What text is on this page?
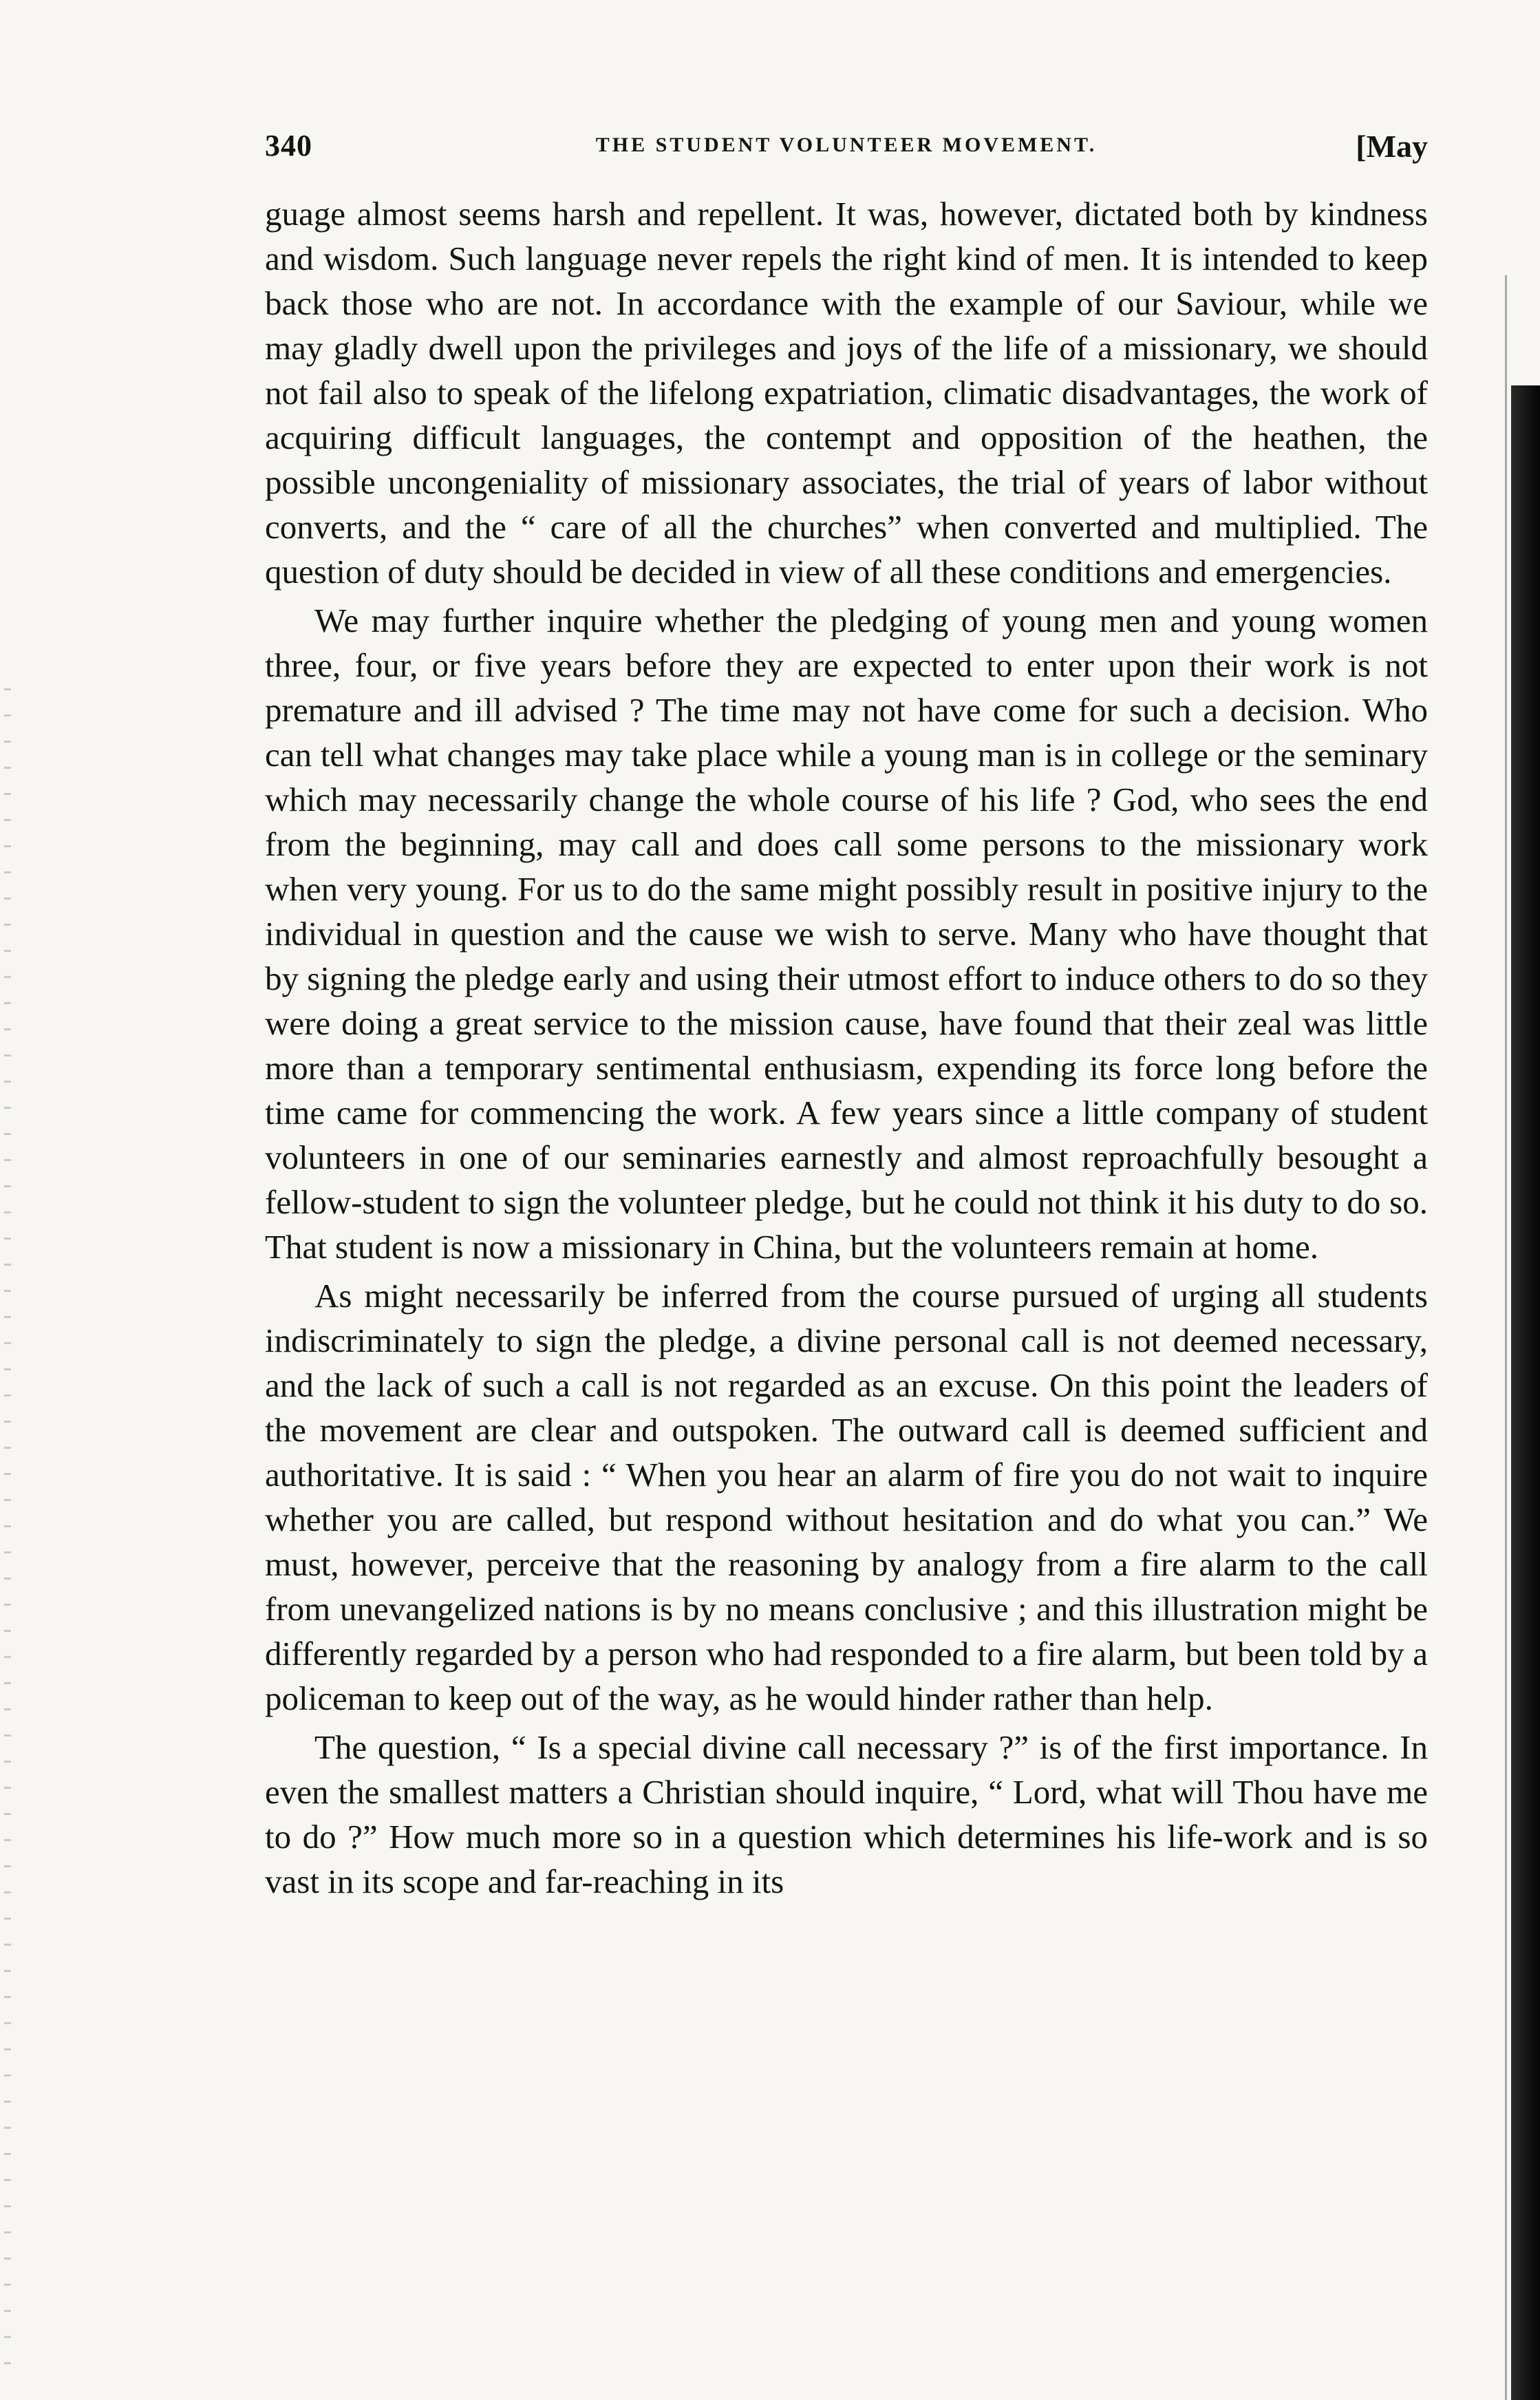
340	THE STUDENT VOLUNTEER MOVEMENT.	[May

guage almost seems harsh and repellent. It was, however, dictated both by kindness and wisdom. Such language never repels the right kind of men. It is intended to keep back those who are not. In accordance with the example of our Saviour, while we may gladly dwell upon the privileges and joys of the life of a missionary, we should not fail also to speak of the lifelong expatriation, climatic disadvantages, the work of acquiring difficult languages, the contempt and opposition of the heathen, the possible uncongeniality of missionary associates, the trial of years of labor without converts, and the “ care of all the churches” when converted and multiplied. The question of duty should be decided in view of all these conditions and emergencies.

We may further inquire whether the pledging of young men and young women three, four, or five years before they are expected to enter upon their work is not premature and ill advised ? The time may not have come for such a decision. Who can tell what changes may take place while a young man is in college or the seminary which may necessarily change the whole course of his life ? God, who sees the end from the beginning, may call and does call some persons to the missionary work when very young. For us to do the same might possibly result in positive injury to the individual in question and the cause we wish to serve. Many who have thought that by signing the pledge early and using their utmost effort to induce others to do so they were doing a great service to the mission cause, have found that their zeal was little more than a temporary sentimental enthusiasm, expending its force long before the time came for commencing the work. A few years since a little company of student volunteers in one of our seminaries earnestly and almost reproachfully besought a fellow-student to sign the volunteer pledge, but he could not think it his duty to do so. That student is now a missionary in China, but the volunteers remain at home.

As might necessarily be inferred from the course pursued of urging all students indiscriminately to sign the pledge, a divine personal call is not deemed necessary, and the lack of such a call is not regarded as an excuse. On this point the leaders of the movement are clear and outspoken. The outward call is deemed sufficient and authoritative. It is said : “ When you hear an alarm of fire you do not wait to inquire whether you are called, but respond without hesitation and do what you can.” We must, however, perceive that the reasoning by analogy from a fire alarm to the call from unevangelized nations is by no means conclusive ; and this illustration might be differently regarded by a person who had responded to a fire alarm, but been told by a policeman to keep out of the way, as he would hinder rather than help.

The question, “ Is a special divine call necessary ?” is of the first importance. In even the smallest matters a Christian should inquire, “ Lord, what will Thou have me to do ?” How much more so in a question which determines his life-work and is so vast in its scope and far-reaching in its
